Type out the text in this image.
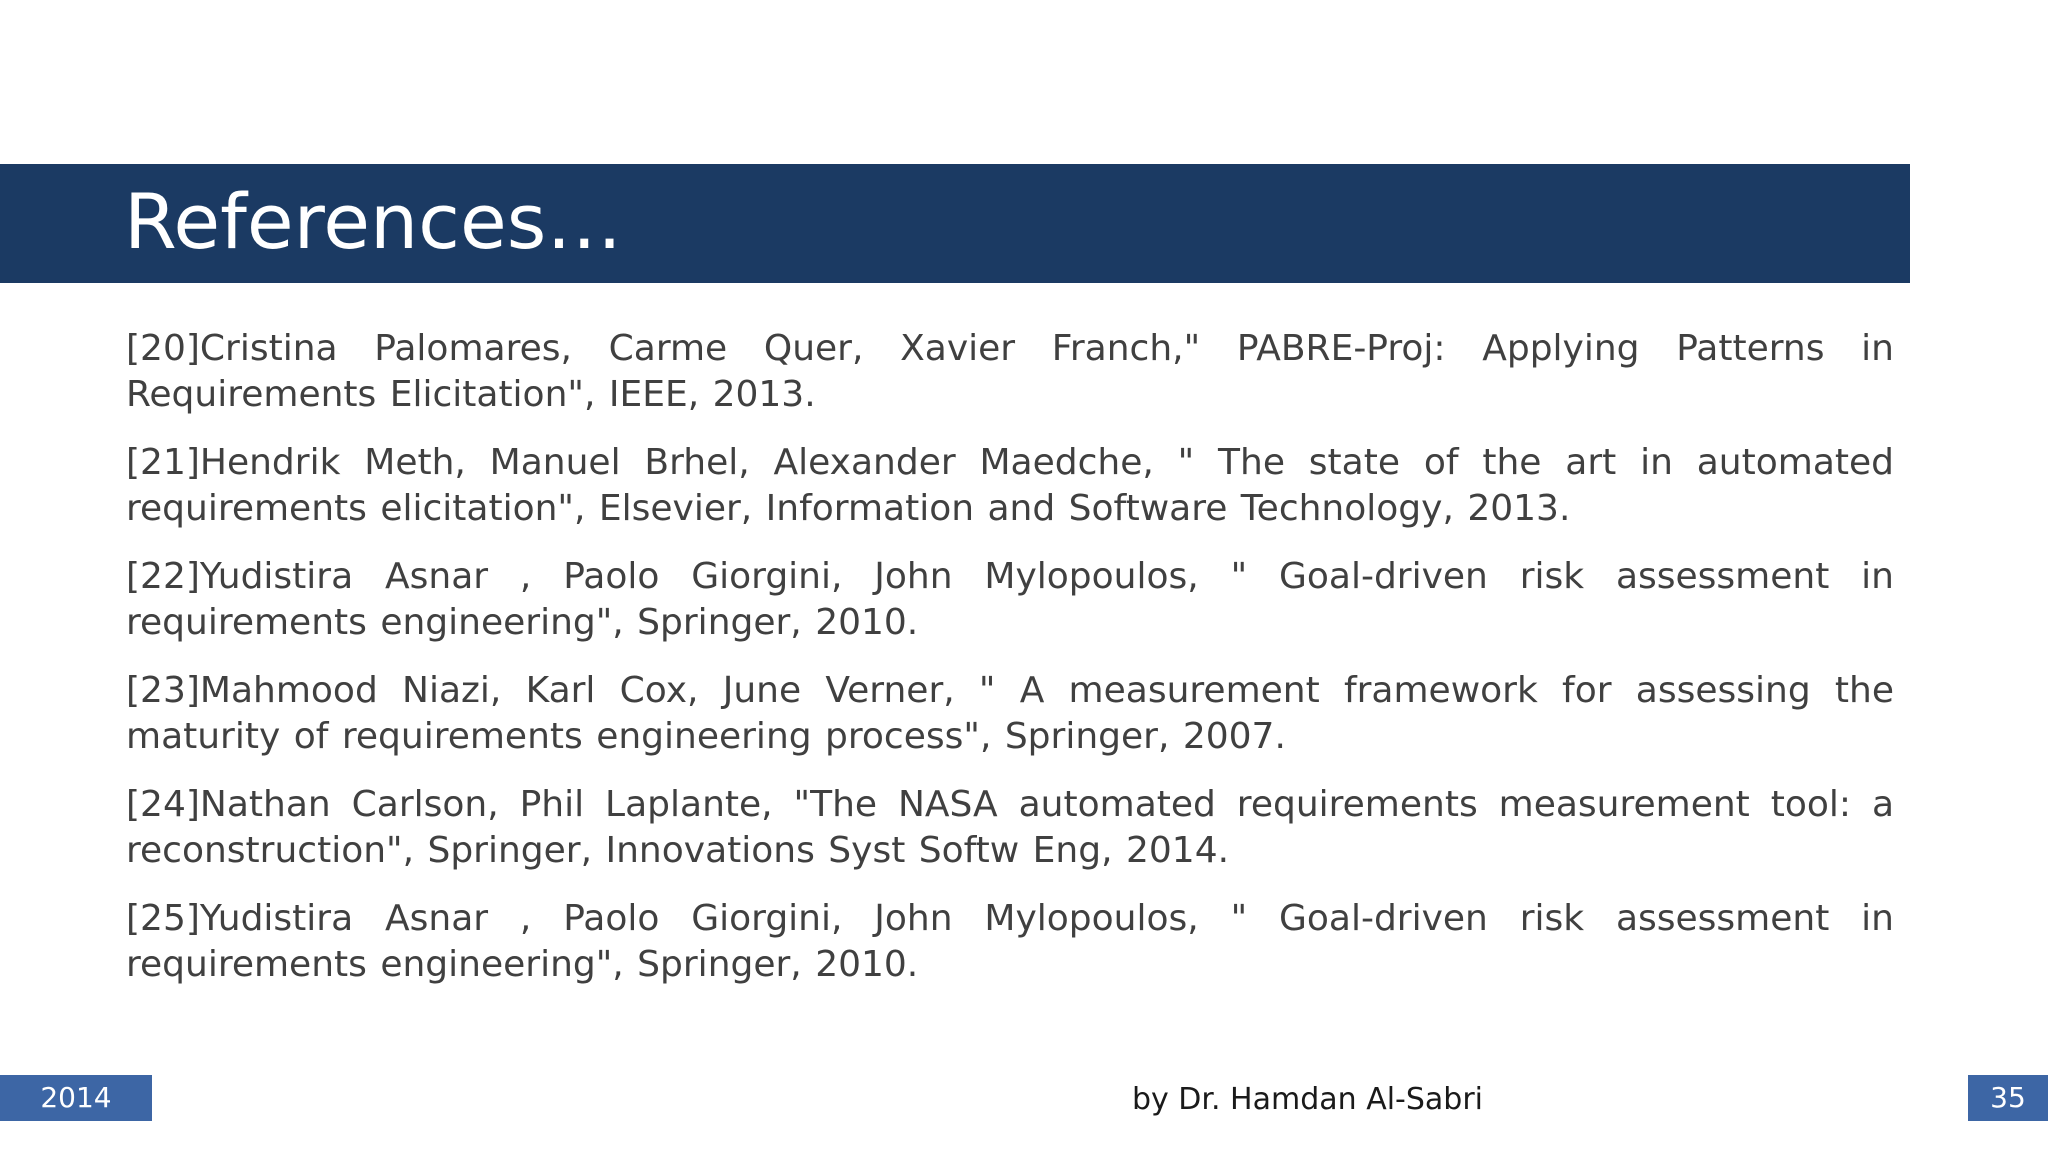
References…

[20]Cristina Palomares, Carme Quer, Xavier Franch," PABRE-Proj: Applying Patterns in Requirements Elicitation", IEEE, 2013.

[21]Hendrik Meth, Manuel Brhel, Alexander Maedche, " The state of the art in automated requirements elicitation", Elsevier, Information and Software Technology, 2013.

[22]Yudistira Asnar , Paolo Giorgini, John Mylopoulos, " Goal-driven risk assessment in requirements engineering", Springer, 2010.

[23]Mahmood Niazi, Karl Cox, June Verner, " A measurement framework for assessing the maturity of requirements engineering process", Springer, 2007.

[24]Nathan Carlson, Phil Laplante, "The NASA automated requirements measurement tool: a reconstruction", Springer, Innovations Syst Softw Eng, 2014.

[25]Yudistira Asnar , Paolo Giorgini, John Mylopoulos, " Goal-driven risk assessment in requirements engineering", Springer, 2010.

2014	by Dr. Hamdan Al-Sabri	35
